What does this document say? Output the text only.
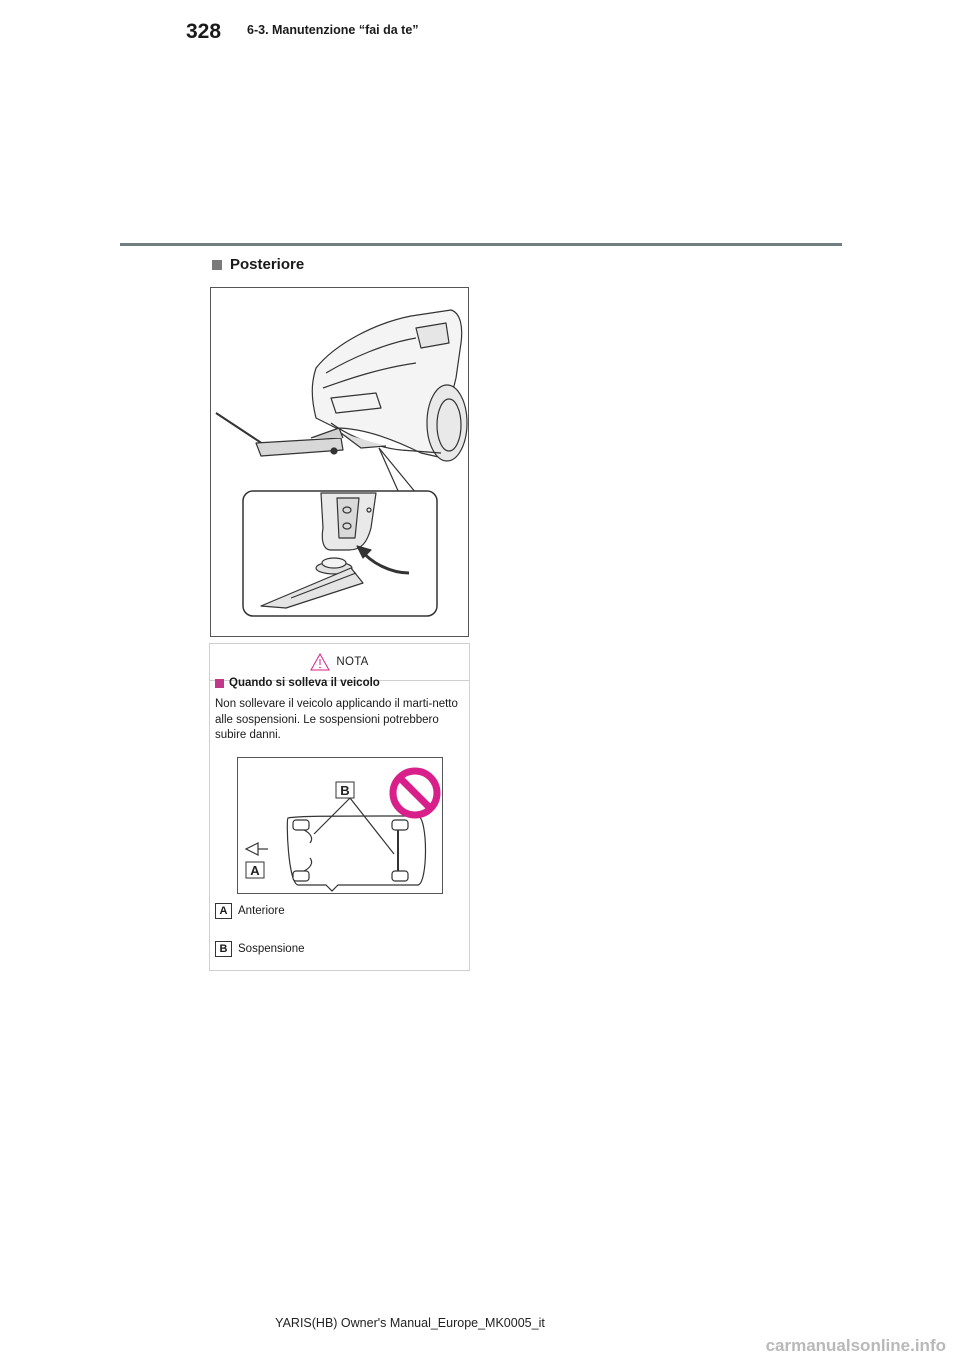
328 6-3. Manutenzione “fai da te”
Posteriore
NOTA
Quando si solleva il veicolo
Non sollevare il veicolo applicando il marti-netto alle sospensioni. Le sospensioni potrebbero subire danni.
B
A
A Anteriore
B Sospensione
YARIS(HB) Owner's Manual_Europe_MK0005_it
carmanualsonline.info
